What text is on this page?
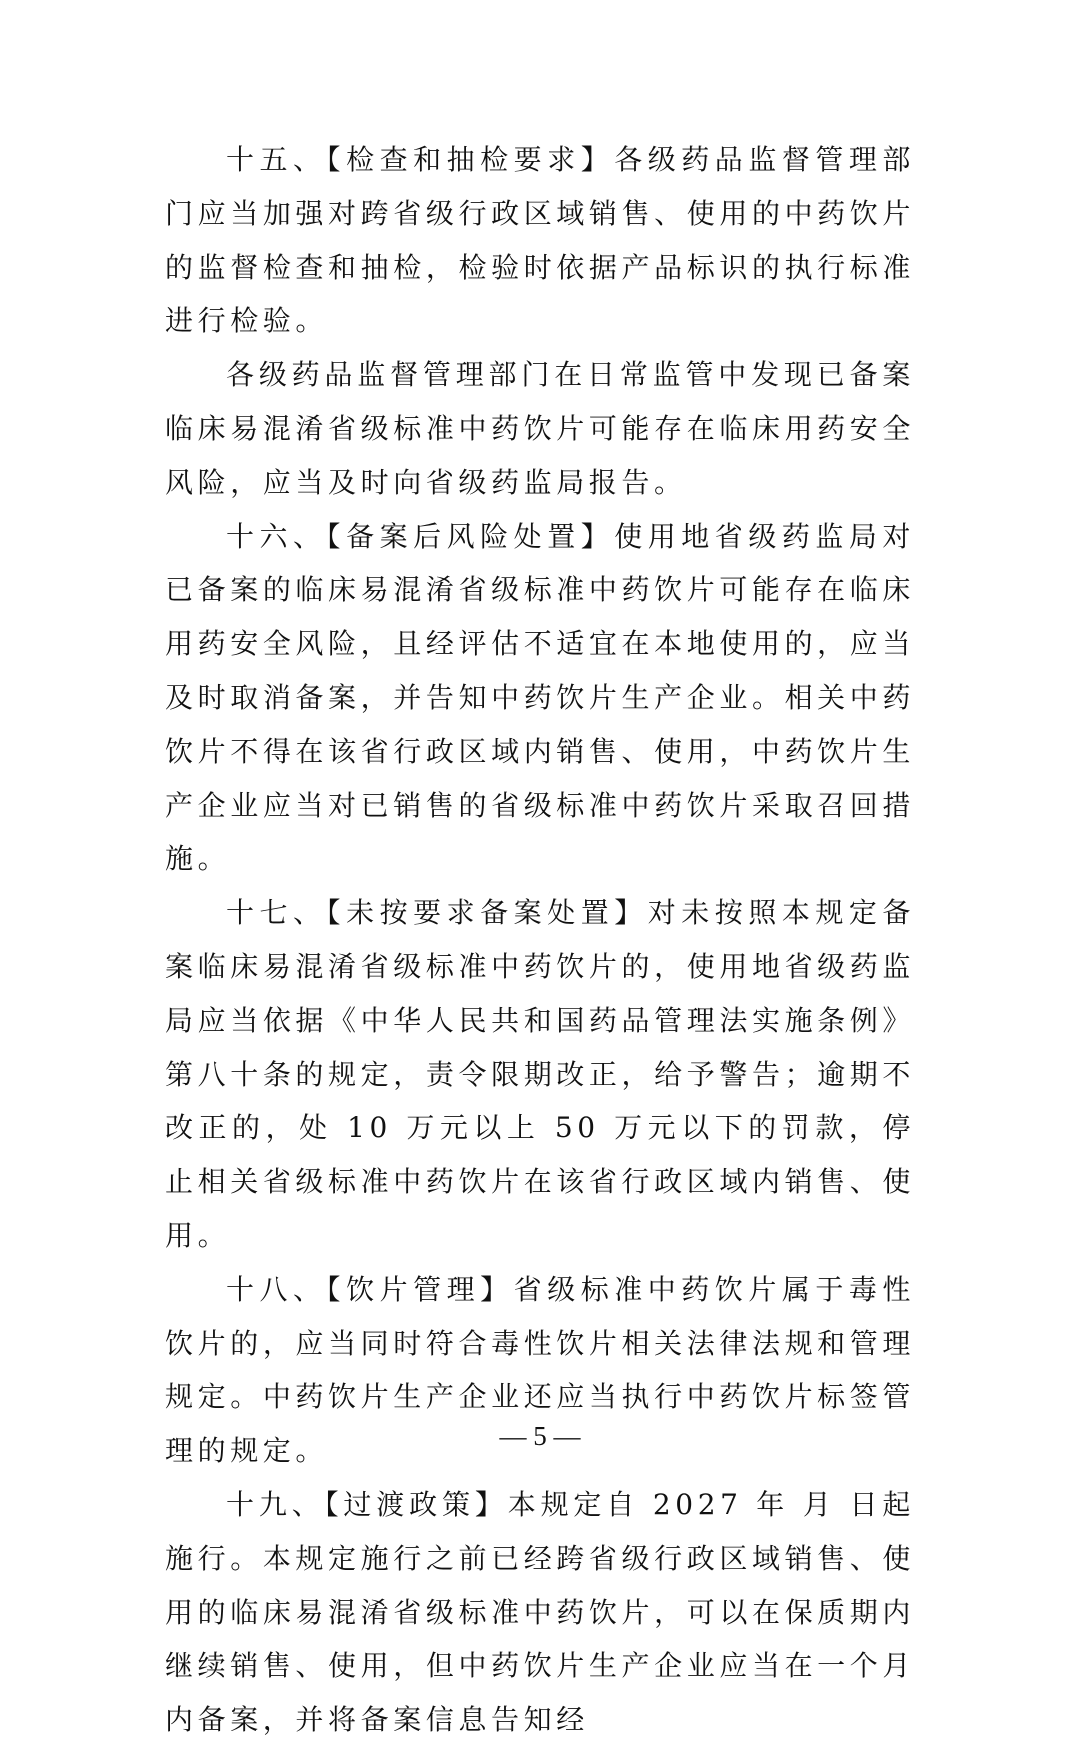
十五、【检查和抽检要求】各级药品监督管理部门应当加强对跨省级行政区域销售、使用的中药饮片的监督检查和抽检，检验时依据产品标识的执行标准进行检验。

各级药品监督管理部门在日常监管中发现已备案临床易混淆省级标准中药饮片可能存在临床用药安全风险，应当及时向省级药监局报告。

十六、【备案后风险处置】使用地省级药监局对已备案的临床易混淆省级标准中药饮片可能存在临床用药安全风险，且经评估不适宜在本地使用的，应当及时取消备案，并告知中药饮片生产企业。相关中药饮片不得在该省行政区域内销售、使用，中药饮片生产企业应当对已销售的省级标准中药饮片采取召回措施。

十七、【未按要求备案处置】对未按照本规定备案临床易混淆省级标准中药饮片的，使用地省级药监局应当依据《中华人民共和国药品管理法实施条例》第八十条的规定，责令限期改正，给予警告；逾期不改正的，处 10 万元以上 50 万元以下的罚款，停止相关省级标准中药饮片在该省行政区域内销售、使用。

十八、【饮片管理】省级标准中药饮片属于毒性饮片的，应当同时符合毒性饮片相关法律法规和管理规定。中药饮片生产企业还应当执行中药饮片标签管理的规定。

十九、【过渡政策】本规定自 2027 年 月 日起施行。本规定施行之前已经跨省级行政区域销售、使用的临床易混淆省级标准中药饮片，可以在保质期内继续销售、使用，但中药饮片生产企业应当在一个月内备案，并将备案信息告知经

— 5 —
